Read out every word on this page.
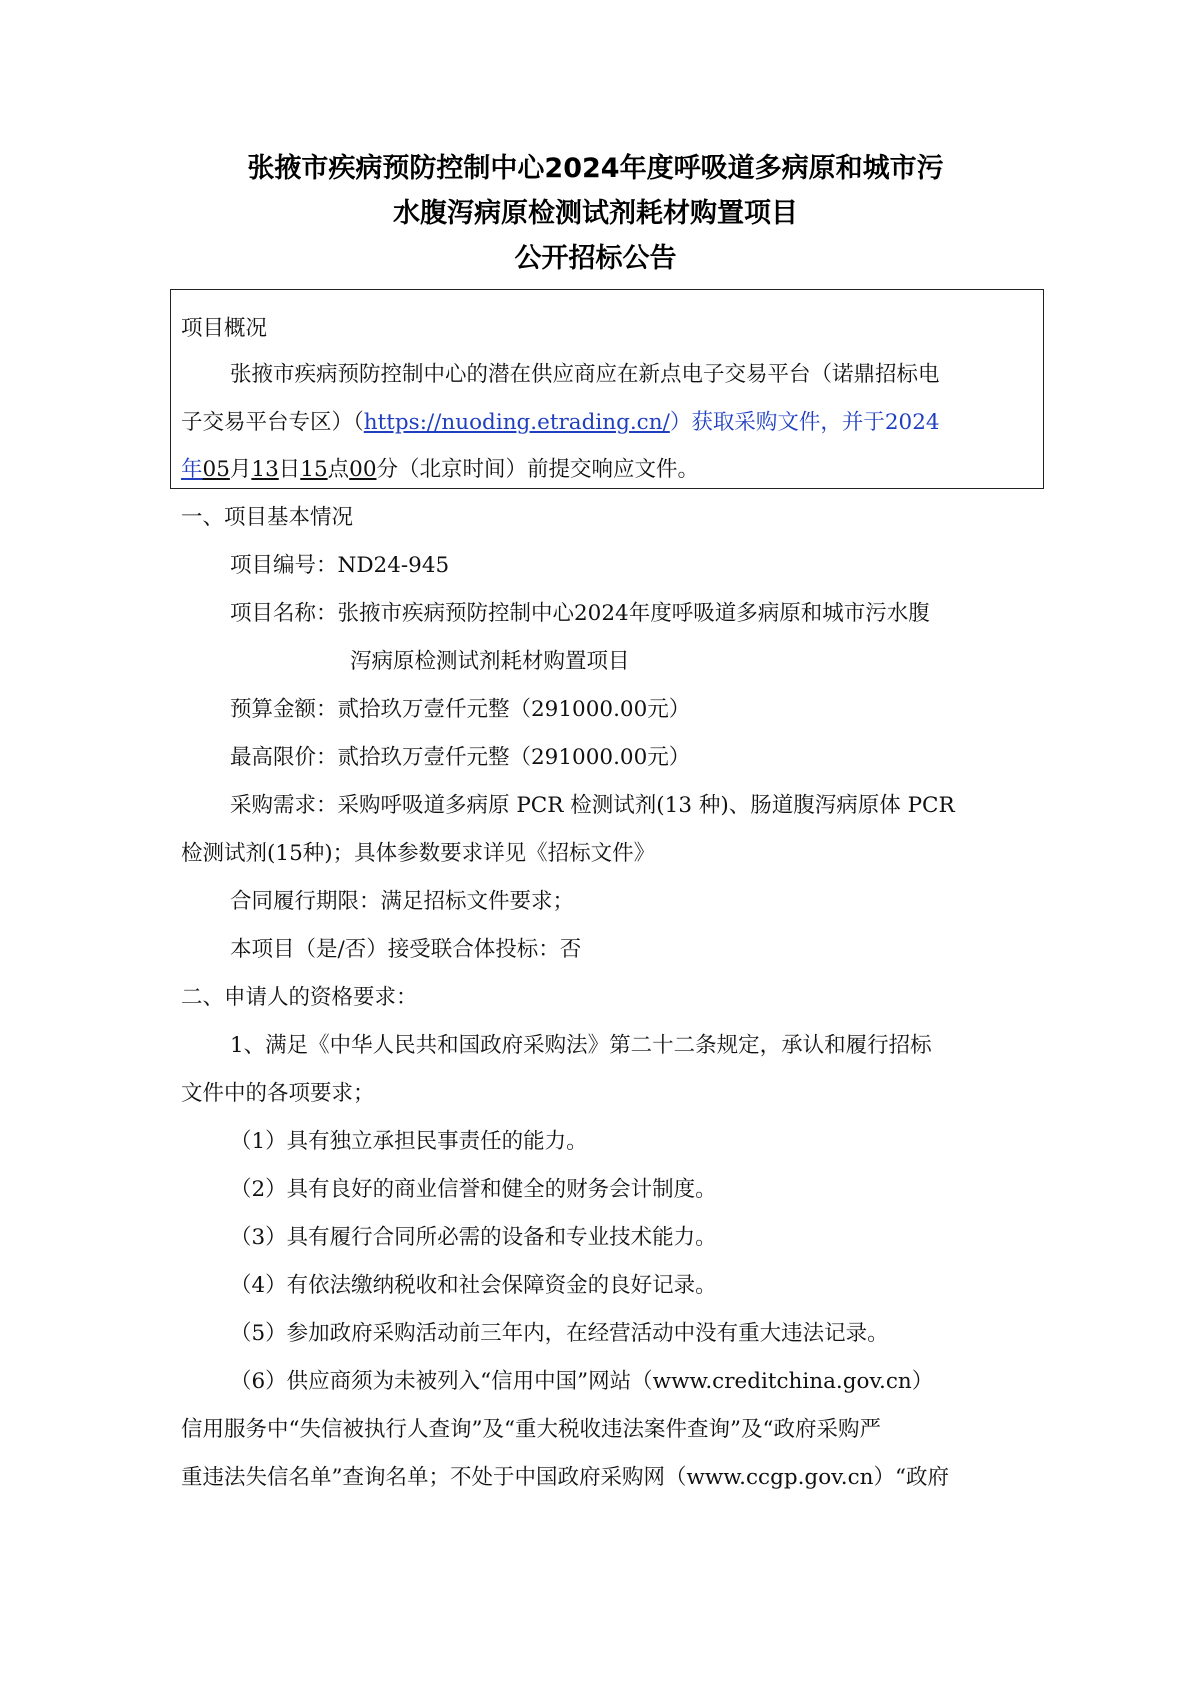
张掖市疾病预防控制中心2024年度呼吸道多病原和城市污
水腹泻病原检测试剂耗材购置项目
公开招标公告
项目概况
张掖市疾病预防控制中心的潜在供应商应在新点电子交易平台（诺鼎招标电
子交易平台专区）（https://nuoding.etrading.cn/）获取采购文件，并于2024
年05月13日15点00分（北京时间）前提交响应文件。
一、项目基本情况
项目编号：ND24-945
项目名称：张掖市疾病预防控制中心2024年度呼吸道多病原和城市污水腹
泻病原检测试剂耗材购置项目
预算金额：贰拾玖万壹仟元整（291000.00元）
最高限价：贰拾玖万壹仟元整（291000.00元）
采购需求：采购呼吸道多病原 PCR 检测试剂(13 种)、肠道腹泻病原体 PCR
检测试剂(15种)；具体参数要求详见《招标文件》
合同履行期限：满足招标文件要求；
本项目（是/否）接受联合体投标：否
二、申请人的资格要求：
1、满足《中华人民共和国政府采购法》第二十二条规定，承认和履行招标
文件中的各项要求；
（1）具有独立承担民事责任的能力。
（2）具有良好的商业信誉和健全的财务会计制度。
（3）具有履行合同所必需的设备和专业技术能力。
（4）有依法缴纳税收和社会保障资金的良好记录。
（5）参加政府采购活动前三年内，在经营活动中没有重大违法记录。
（6）供应商须为未被列入“信用中国”网站（www.creditchina.gov.cn）
信用服务中“失信被执行人查询”及“重大税收违法案件查询”及“政府采购严
重违法失信名单”查询名单；不处于中国政府采购网（www.ccgp.gov.cn）“政府
